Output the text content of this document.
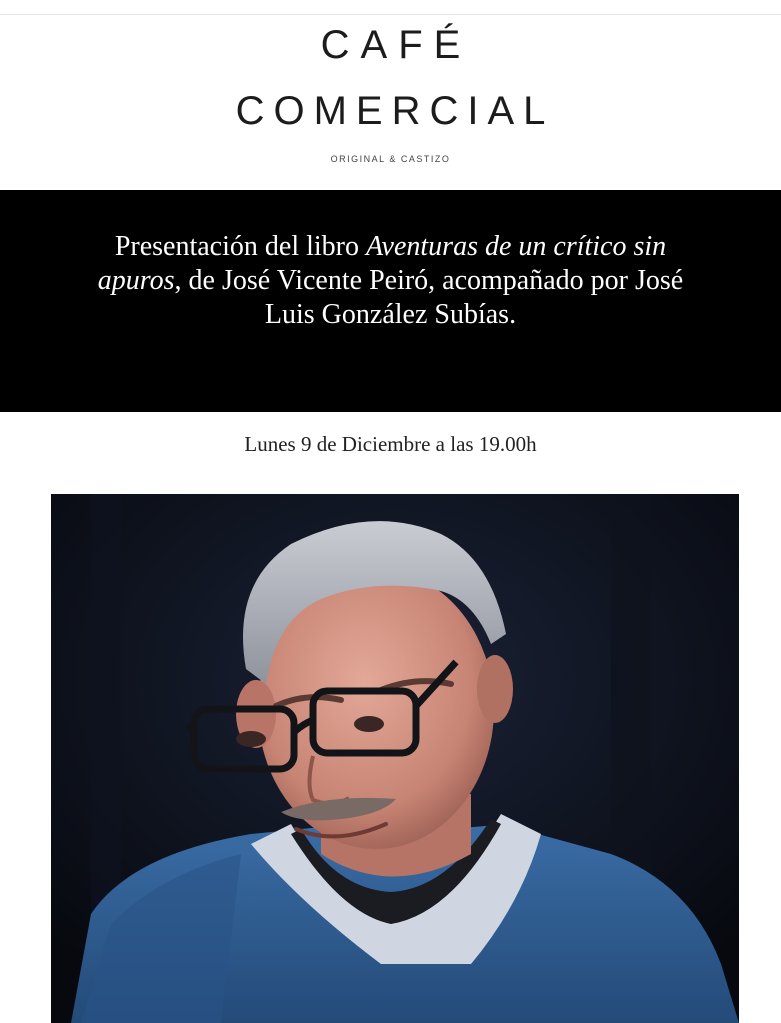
CAFÉ
COMERCIAL
ORIGINAL & CASTIZO
Presentación del libro Aventuras de un crítico sin
apuros, de José Vicente Peiró, acompañado por José
Luis González Subías.
Lunes 9 de Diciembre a las 19.00h
